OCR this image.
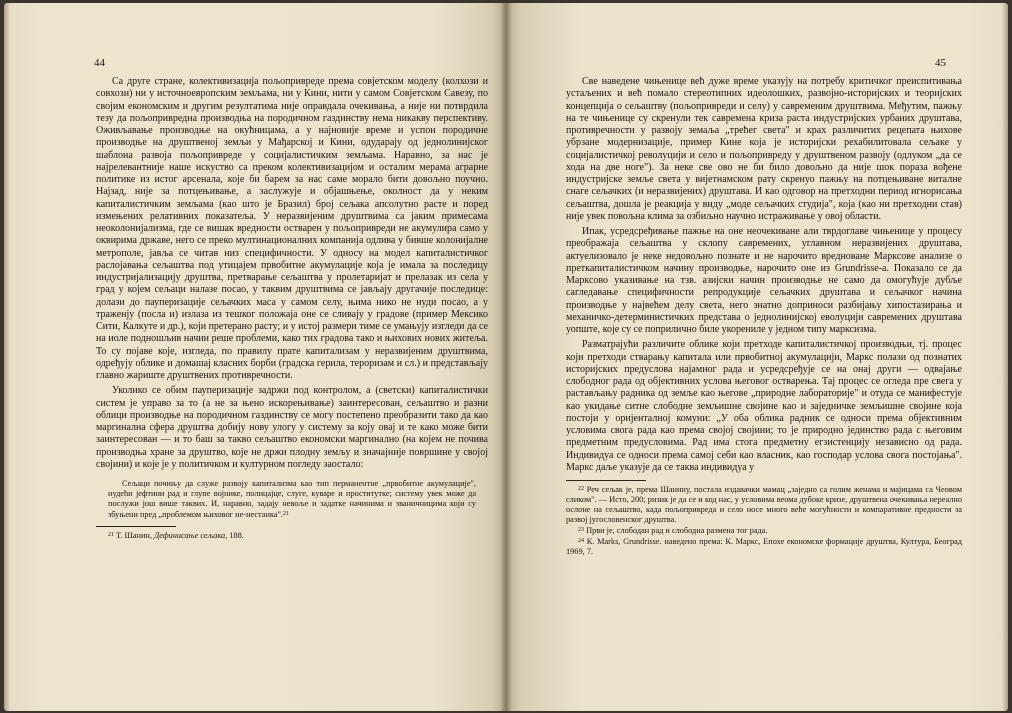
44

Са друге стране, колективизација пољопривреде према совјетском моделу (колхози и совхози) ни у источноевропским земљама, ни у Кини, нити у самом Совјетском Савезу, по својим економским и другим резултатима није оправдала очекивања, а није ни потврдила тезу да пољопривредна производња на породичном газдинству нема никакву перспективу. Оживљавање производње на окућницама, а у најновије време и успон породичне производње на друштвеној земљи у Мађарској и Кини, одударају од једнолинијског шаблона развоја пољопривреде у социјалистичким земљама. Наравно, за нас је најрелевантније наше искуство са преком колективизацијом и осталим мерама аграрне политике из истог арсенала, које би барем за нас саме морало бити довољно поучно. Најзад, није за потцењивање, а заслужује и објашњење, околност да у неким капиталистичким земљама (као што је Бразил) број сељака апсолутно расте и поред измењених релативних показатеља. У неразвијеним друштвима са јаким примесама неоколонијализма, где се вишак вредности остварен у пољопривреди не акумулира само у оквирима државе, него се преко мултинационалних компанија одлива у бивше колонијалне метрополе, јавља се читав низ специфичности. У односу на модел капиталистичког раслојавања сељаштва под утицајем првобитне акумулације која је имала за последицу индустријализацију друштва, претварање сељаштва у пролетаријат и прелазак из села у град у којем сељаци налазе посао, у таквим друштвима се јављају другачије последице: долази до пауперизације сељачких маса у самом селу, њима нико не нуди посао, а у траженју (посла и) излаза из тешког положаја оне се сливају у градове (пример Мексико Сити, Калкуте и др.), који претерано расту; и у истој размери тиме се умањују изгледи да се на иоле подношљив начин реше проблеми, како тих градова тако и њихових нових житеља. То су појаве које, изгледа, по правилу прате капитализам у неразвијеним друштвима, одређују облике и домашај класних борби (градска герила, тероризам и сл.) и представљају главно жариште друштвених противречности.

Уколико се обим пауперизације задржи под контролом, а (светски) капиталистички систем је управо за то (а не за њено искорењивање) заинтересован, сељаштво и разни облици производње на породичном газдинству се могу постепено преобразити тако да као маргинална сфера друштва добију нову улогу у систему за коју овај и те како може бити заинтересован — и то баш за такво сељаштво економски маргинално (на којем не почива производња хране за друштво, које не држи плодну земљу и значајније површине у својој својини) и које је у политичком и културном погледу заостало:

Сељаци почињу да служе развоју капитализма као тип перманентне „првобитне акумулације", нудећи јефтини рад и глупе војнике, полицајце, слуге, куваре и проститутке; систему увек може да послужи још више таквих. И, наравно, задају невоље и задатке начинима и званичницима који су збуњени пред „проблемом њиховог не-нестанка".$^{21}$

$^{21}$ Т. Шанин, Дефинисање сељака, 188.
45

Све наведене чињенице већ дуже време указују на потребу критичког преиспитивања устаљених и већ помало стереотипних идеолошких, развојно-историјских и теоријских концепција о сељаштву (пољопривреди и селу) у савременим друштвима. Међутим, пажњу на те чињенице су скренули тек савремена криза раста индустријских урбаних друштава, противречности у развоју земаља „трећег света" и крах различитих рецепата њихове убрзане модернизације, пример Кине која је историјски рехабилитовала сељаке у социјалистичкој револуцији и село и пољопривреду у друштвеном развоју (одлуком „да се хода на две ноге"). За неке све ово не би било довољно да није шок пораза вођене индустријске земље света у вијетнамском рату скренуо пажњу на потцењиване виталне снаге сељачких (и неразвијених) друштава. И као одговор на претходни период игнорисања сељаштва, дошла је реакција у виду „моде сељачких студија", која (као ни претходни став) није увек повољна клима за озбиљно научно истраживање у овој области.

Ипак, усредсређивање пажње на оне неочекиване али тврдоглаве чињенице у процесу преображаја сељаштва у склопу савремених, углавном неразвијених друштава, актуелизовало је неке недовољно познате и не нарочито вредноване Марксове анализе о преткапиталистичком начину производње, нарочито оне из Grundrisse-a. Показало се да Марксово указивање на тзв. азијски начин производње не само да омогућује дубље сагледавање специфичности репродукције сељачких друштава и сељачког начина производње у највећем делу света, него знатно доприноси разбијању хипостазирања и механичко-детерминистичких представа о једнолинијској еволуцији савремених друштава уопште, које су се поприлично биле укорениле у једном типу марксизма.

Разматрајући различите облике који претходе капиталистичкој производњи, тј. процес који претходи стварању капитала или првобитној акумулацији, Маркс полази од познатих историјских предуслова најамног рада и усредсређује се на онај други — одвајање слободног рада од објективних услова његовог остварења. Тај процес се огледа пре свега у растављању радника од земље као његове „природне лабораторије" и отуда се манифестује као укидање ситне слободне земљишне својине као и заједничке земљишне својине која постоји у оријенталној комуни: „У оба облика радник се односи према објективним условима свога рада као према својој својини; то је природно јединство рада с његовим предметним предусловима. Рад има стога предметну егзистенцију независно од рада. Индивидуа се односи према самој себи као власник, као господар услова свога постојања". Маркс даље указује да се таква индивидуа у

$^{22}$ Реч сељак је, према Шанину, постала издавачки мамац „заједно са голим женама и мајицама са Чеовом сликом". — Исто, 200; ризик је да се и код нас, у условима веома дубоке кризе, друштвена очекивања нереално ослоне на сељаштво, када пољопривреда и село носе много веће могућности и компаративне предности за развој југословенског друштва.
$^{23}$ Први је, слободан рад и слободна размена тог рада.
$^{24}$ К. Marks, Grundrisse. наведено према: К. Маркс, Епохе економске формације друштва, Култура, Београд 1969, 7.
